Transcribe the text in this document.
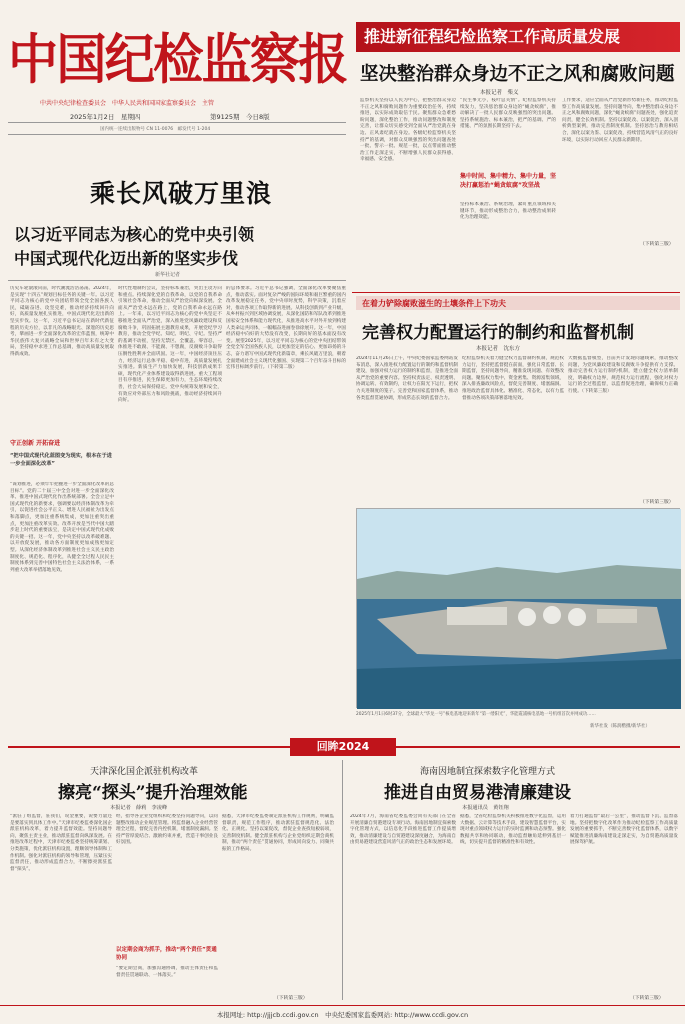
中国纪检监察报
中共中央纪律检查委员会　中华人民共和国国家监察委员会　主管
2025年1月2日　星期四	第9125期　今日8版
国内统一连续出版物号 CN 11-0076　邮发代号 1-204
推进新征程纪检监察工作高质量发展
坚决整治群众身边不正之风和腐败问题
本报记者　柴义
监察机关坚持以人民为中心，把整治群众身边不正之风和腐败问题作为重要政治任务，持续推进，以实际成效取信于民。聚焦群众急难愁盼问题，深化整治工作，推动问题整改和制度完善，让群众切实感受到全面从严治党就在身边、正风肃纪就在身边。各级纪检监察机关坚持严的基调，对群众反映强烈的突出问题查处一批、警示一批、规范一批，以点带面推动整治工作走深走实，不断增强人民群众获得感、幸福感、安全感。
“民生事无小，枝叶总关情”。纪检监察机关持续发力，坚决惩治群众身边的“蝇贪蚁腐”，推动解决了一批人民群众反映强烈的突出问题。坚持系统施治、标本兼治，把严的基调、严的措施、严的氛围长期坚持下去。
集中时间、集中精力、集中力量，坚决打赢惩治“蝇贪蚁腐”攻坚战
坚持标本兼治、系统治理，紧盯重点领域和关键环节，推动形成整治合力，推动整治成果转化为治理效能。
工作要求，适应全面从严治党新形势新任务，推动纪检监察工作高质量发展。坚持问题导向，集中整治群众身边不正之风和腐败问题，深化“蝇贪蚁腐”问题查处，强化追责问责，健全长效机制。坚持以案促改、以案促治，深入剖析典型案例，推动完善制度机制。坚持惩治与教育相结合，深化以案为鉴、以案促改，持续营造风清气正的良好环境，以实际行动回应人民群众新期待。
（下转第三版）
乘长风破万里浪
以习近平同志为核心的党中央引领
中国式现代化迈出新的坚实步伐
新华社记者
历史车轮滚滚向前，时代潮流浩浩荡荡。2024年，是实现“十四五”规划目标任务的关键一年。以习近平同志为核心的党中央团结带领全党全国各族人民，砥砺奋进、攻坚克难，推动经济持续回升向好，高质量发展扎实推进，中国式现代化迈出新的坚实步伐。这一年，习近平总书记站在新时代新征程的历史方位，以非凡的战略眼光、深邃的历史思考，擘画进一步全面深化改革的宏伟蓝图，统筹中华民族伟大复兴战略全局和世界百年未有之大变局，坚持稳中求进工作总基调，推动高质量发展取得新成效。
守正创新 开拓奋进
“把中国式现代化蓝图变为现实，根本在于进一步全面深化改革”
“谋划推进，必须牢牢把握进一步全面深化改革的总目标”。党的二十届三中全会对进一步全面深化改革、推进中国式现代化作出系统部署。全会立足中国式现代化的新要求，强调要以经济体制改革为牵引，以促进社会公平正义、增进人民福祉为出发点和落脚点，更加注重系统集成，更加注重突出重点，更加注重改革实效。改革开放是当代中国大踏步赶上时代的重要法宝，是决定中国式现代化成败的关键一招。这一年，党中央坚持以改革破难题、以开放促发展，推动各方面制度更加成熟更加定型。从深化经济体制改革到推进社会主义民主政治制度化、规范化、程序化，从健全全过程人民民主制度体系到完善中国特色社会主义法治体系，一系列重大改革举措落地见效。
时代性地制约会议，坚持标本兼治，突出主攻方向和重点。持续深化党的自我革命，以党的自我革命引领社会革命，推动全面从严治党向纵深发展。全面从严治党永远在路上，党的自我革命永远在路上。一年来，以习近平同志为核心的党中央坚定不移推进全面从严治党，深入推进党风廉政建设和反腐败斗争，巩固拓展主题教育成果，开展党纪学习教育，推动全党学纪、知纪、明纪、守纪。坚持严的基调不动摇，坚持无禁区、全覆盖、零容忍，一体推进不敢腐、不能腐、不想腐，反腐败斗争取得压倒性胜利并全面巩固。这一年，中国经济顶住压力，经济运行总体平稳、稳中有进，高质量发展扎实推进。新质生产力加快发展，科技创新成果丰硕，现代化产业体系建设取得新进展。重大工程项目有序推进，民生保障更加有力，生态环境持续改善，社会大局保持稳定。党中央统筹发展和安全，有效应对外部压力和风险挑战，推动经济持续回升向好。
的总体要求。习近平总书记强调，全面深化改革要聚焦重点，推动落实。面对复杂严峻的国际环境和艰巨繁重的国内改革发展稳定任务，党中央审时度势，科学决策，沉着应对，推动各项工作取得新的进展。从科技创新到产业升级，从乡村振兴到区域协调发展，从深化国防和军队改革到推进国家安全体系和能力现代化，从推进高水平对外开放到构建人类命运共同体，一幅幅奋进画卷徐徐展开。这一年，中国经济稳中向好的大势没有改变，长期向好的基本面没有改变。展望2025年，以习近平同志为核心的党中央团结带领全党全军全国各族人民，以更加坚定的信心、更加昂扬的斗志，奋力谱写中国式现代化新篇章，乘长风破万里浪，朝着全面建成社会主义现代化强国、实现第二个百年奋斗目标的宏伟目标阔步前行。（下转第二版）
在着力铲除腐败滋生的土壤条件上下功夫
完善权力配置运行的制约和监督机制
本报记者　沈东方
2024年11月26日上午，中央纪委国家监委网站发布消息，深入推进权力配置运行的制约和监督机制建设，加强对权力运行的制约和监督，是推进全面从严治党的重要内容。坚持权责法定、权责透明、协调运转、有效制约，让权力在阳光下运行，把权力关进制度的笼子。完善党和国家监督体系，推动各类监督贯通协调，形成常态长效的监督合力。
纪检监察机关着力健全权力监督制约机制，规范权力运行，坚持把监督挺在前面，强化日常监督、长期监督，坚持问题导向，精准发现问题、有效整改问题。聚焦权力集中、资金密集、资源富集领域，深入排查廉政风险点，督促完善制度、堵塞漏洞。推进政治监督具体化、精准化、常态化，以有力监督推动各项决策部署落地见效。
大数据监督模型，目前共计发现问题线索，推动整改问题，为党风廉政建设和反腐败斗争提供有力支撑。推动完善权力运行制约机制，建立健全权力清单制度，明确权力边界，规范权力运行流程，强化对权力运行的全过程监督，以监督促进治理，确保权力正确行使。（下转第三版）
（下转第三版）
2025年1月1日6时37分，全球最大“华龙一号”核电基地迎来新年“第一缕阳光”，华能霞浦核电基地一号机组首次并网成功……
新华社发（陈润楷摄/新华社）
回眸2024
天津深化国企派驻机构改革
擦亮“探头”提升治理效能
本报记者　薛莉　李凌峰
“派驻了组监督，驻我们，说金重要，说要力量还是要落实到具体工作中。”天津市纪委监委深化国企派驻机构改革，着力提升监督效能。坚持问题导向，聚焦主责主业，推动派驻监督向纵深发展。在推进改革过程中，天津市纪委监委坚持统筹谋划、分类施策，优化派驻机构设置，理顺领导体制和工作机制。强化对派驻机构的领导和管理，压紧压实监督责任，推动形成监督合力，不断擦亮派驻监督“探头”。
经，指导各企业党组织和纪委坚持问题导向，以问题整改推动企业规范管理。将监督融入企业经营管理全过程，督促完善内控机制，堵塞制度漏洞。坚持严管厚爱结合、激励约束并重，营造干事创业良好氛围。
以定期会商为抓手，推动“两个责任”贯通协同
“要定期会商，加强沟通协调，推动主体责任和监督责任贯通联动、一体落实。”
据悉，天津市纪委监委制定派驻机构工作规则，明确监督职责，规范工作程序，推动派驻监督规范化、法治化、正规化。坚持以案促改，督促企业查找短板弱项，完善制度机制。健全派驻机构与企业党组织定期会商机制，推动“两个责任”贯通协同，形成同向发力、同频共振的工作格局。
（下转第三版）
海南因地制宜探索数字化管理方式
推进自由贸易港清廉建设
本报通讯员　黄钰翔
2024年7月，海南省纪委监委会同有关部门在全省开展清廉自贸港建设专项行动。海南因地制宜探索数字化管理方式，以信息化手段推进监督工作提质增效，推动清廉建设与自贸港建设深度融合，为海南自由贸易港建设营造风清气正的政治生态和发展环境。
据悉，全省纪检监察机关积极推进数字化监督，运用大数据、云计算等技术手段，建设智慧监督平台，实现对重点领域权力运行的实时监测和动态预警。强化数据共享和协同联动，推动监督触角延伸到基层一线，切实提升监督的精准性和有效性。
着力打通监督“最后一公里”，推动监督下沉、监督落地。坚持把数字化改革作为推动纪检监察工作高质量发展的重要抓手，不断完善数字化监督体系，以数字赋能推进清廉海南建设走深走实，为自贸港高质量发展保驾护航。
（下转第三版）
本报网址: http://jjjcb.ccdi.gov.cn　中央纪委国家监委网站: http://www.ccdi.gov.cn
